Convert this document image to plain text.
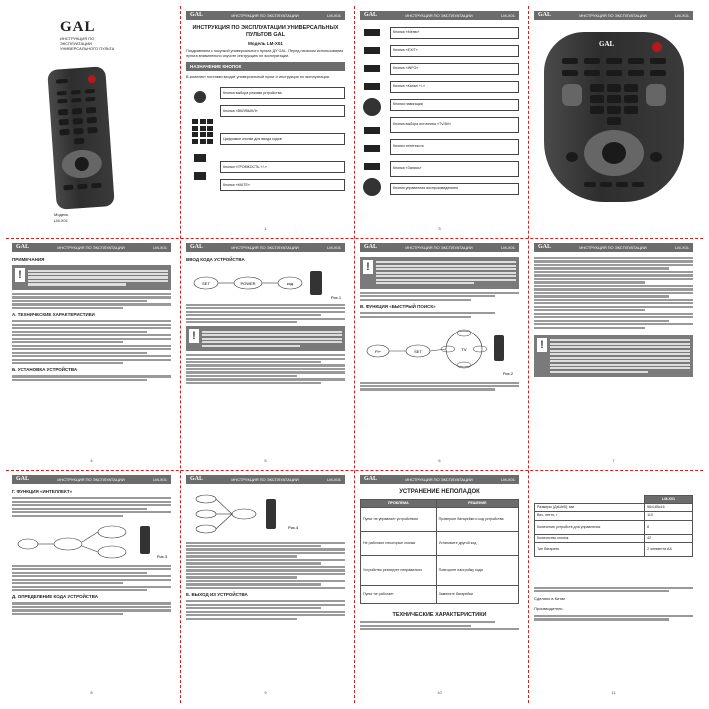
GAL
ИНСТРУКЦИЯ ПО ЭКСПЛУАТАЦИИ УНИВЕРСАЛЬНОГО ПУЛЬТА
Модель
LM-X01
GAL	ИНСТРУКЦИЯ ПО ЭКСПЛУАТАЦИИ	LM-X01
ИНСТРУКЦИЯ ПО ЭКСПЛУАТАЦИИ УНИВЕРСАЛЬНЫХ ПУЛЬТОВ GAL
Модель LM-X01
Поздравляем с покупкой универсального пульта ДУ GAL. Перед началом использования пульта внимательно изучите инструкцию по эксплуатации.
НАЗНАЧЕНИЕ КНОПОК
В комплект поставки входят универсальный пульт и инструкция по эксплуатации.
Кнопка выбора режима устройства
Кнопка «ВКЛ/ВЫКЛ»
Цифровые кнопки для ввода кодов
Кнопки «ГРОМКОСТЬ +/-»
Кнопка «MUTE»
1
GAL	ИНСТРУКЦИЯ ПО ЭКСПЛУАТАЦИИ	LM-X01
Кнопка «Меню»
Кнопка «EXIT»
Кнопка «INFO»
Кнопка «Канал +/-»
Кнопки навигации
Кнопка выбора источника «TV/AV»
Кнопки телетекста
Кнопка «Запись»
Кнопки управления воспроизведением
3
GAL	ИНСТРУКЦИЯ ПО ЭКСПЛУАТАЦИИ	LM-X01
GAL
GAL	ИНСТРУКЦИЯ ПО ЭКСПЛУАТАЦИИ	LM-X01
ПРИМЕЧАНИЯ
!
А. ТЕХНИЧЕСКИЕ ХАРАКТЕРИСТИКИ
Б. УСТАНОВКА УСТРОЙСТВА
4
GAL	ИНСТРУКЦИЯ ПО ЭКСПЛУАТАЦИИ	LM-X01
ВВОД КОДА УСТРОЙСТВА
SET	POWER	код
Рис.1
!
5
GAL	ИНСТРУКЦИЯ ПО ЭКСПЛУАТАЦИИ	LM-X01
!
В. ФУНКЦИЯ «БЫСТРЫЙ ПОИСК»
P/+	SET	TV
Рис.2
6
GAL	ИНСТРУКЦИЯ ПО ЭКСПЛУАТАЦИИ	LM-X01
!
7
GAL	ИНСТРУКЦИЯ ПО ЭКСПЛУАТАЦИИ	LM-X01
Г. ФУНКЦИЯ «ИНТЕЛЛЕКТ»
Рис.3
Д. ОПРЕДЕЛЕНИЕ КОДА УСТРОЙСТВА
8
GAL	ИНСТРУКЦИЯ ПО ЭКСПЛУАТАЦИИ	LM-X01
Рис.4
Е. ВЫХОД ИЗ УСТРОЙСТВА
9
GAL	ИНСТРУКЦИЯ ПО ЭКСПЛУАТАЦИИ	LM-X01
УСТРАНЕНИЕ НЕПОЛАДОК
ПРОБЛЕМА	РЕШЕНИЕ
Пульт не управляет устройством	Проверьте батарейки и код устройства
Не работают некоторые кнопки	Установите другой код
Устройство реагирует неправильно	Повторите настройку кода
Пульт не работает	Замените батарейки
ТЕХНИЧЕСКИЕ ХАРАКТЕРИСТИКИ
10
	LM-X01
Размеры (ДхШхВ), мм	56x185x16
Вес, нетто, г	110
Количение устройств для управления	8
Количество кнопок	42
Тип батареек	2 элемента АА
Сделано в Китае
Производитель:
11
